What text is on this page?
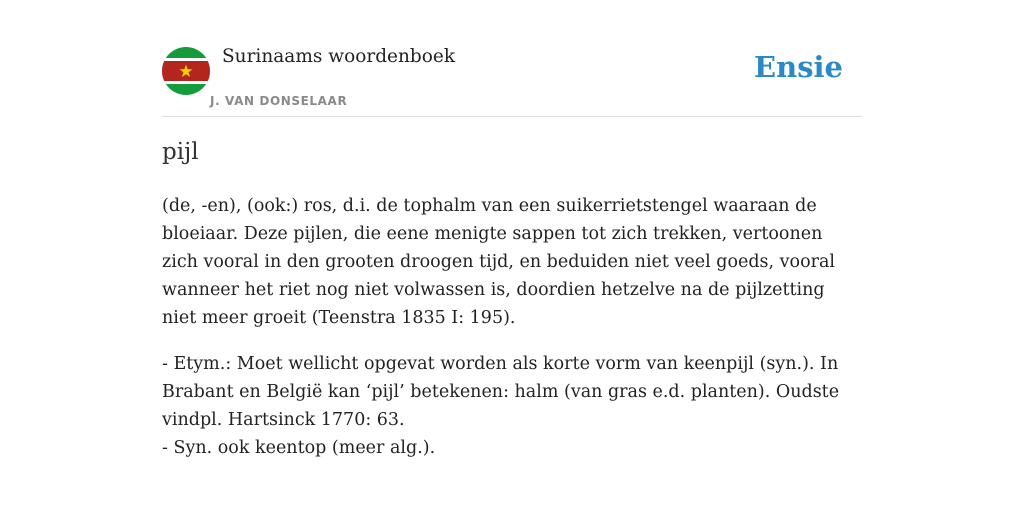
Surinaams woordenboek
J. VAN DONSELAAR
Ensie
pijl

(de, -en), (ook:) ros, d.i. de tophalm van een suikerrietstengel waaraan de bloeiaar. Deze pijlen, die eene menigte sappen tot zich trekken, vertoonen zich vooral in den grooten droogen tijd, en beduiden niet veel goeds, vooral wanneer het riet nog niet volwassen is, doordien hetzelve na de pijlzetting niet meer groeit (Teenstra 1835 I: 195).

- Etym.: Moet wellicht opgevat worden als korte vorm van keenpijl (syn.). In Brabant en België kan ‘pijl’ betekenen: halm (van gras e.d. planten). Oudste vindpl. Hartsinck 1770: 63.

- Syn. ook keentop (meer alg.).
